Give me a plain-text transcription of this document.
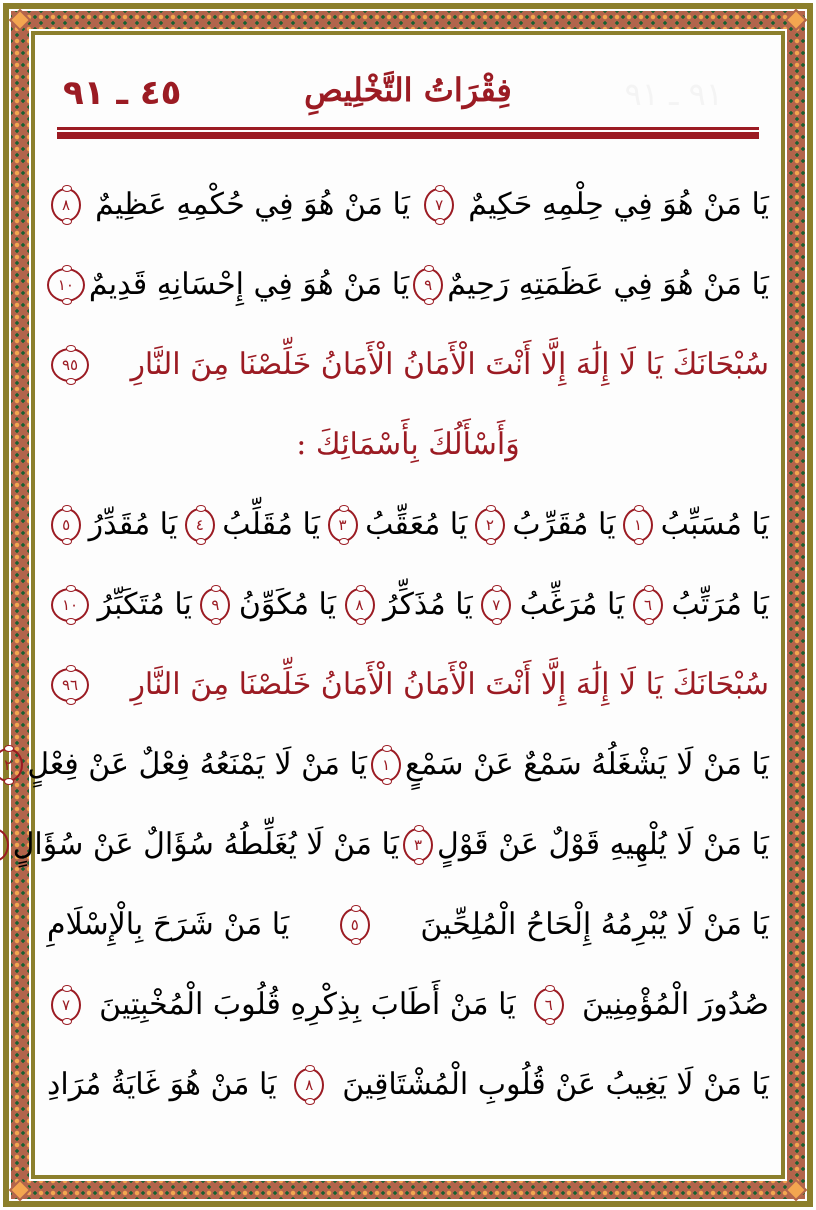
٤٥ ـ ٩١	٩١ ـ ٩١
فِقْرَاتُ التَّخْلِيصِ
يَا مَنْ هُوَ فِي حِلْمِهِ حَكِيمٌ
٧
يَا مَنْ هُوَ فِي حُكْمِهِ عَظِيمٌ
٨
يَا مَنْ هُوَ فِي عَظَمَتِهِ رَحِيمٌ
٩
يَا مَنْ هُوَ فِي إِحْسَانِهِ قَدِيمٌ
١٠
سُبْحَانَكَ يَا لَا إِلَٰهَ إِلَّا أَنْتَ الْأَمَانُ الْأَمَانُ خَلِّصْنَا مِنَ النَّارِ
٩٥
وَأَسْأَلُكَ بِأَسْمَائِكَ :
يَا مُسَبِّبُ
١
يَا مُقَرِّبُ
٢
يَا مُعَقِّبُ
٣
يَا مُقَلِّبُ
٤
يَا مُقَدِّرُ
٥
يَا مُرَتِّبُ
٦
يَا مُرَغِّبُ
٧
يَا مُذَكِّرُ
٨
يَا مُكَوِّنُ
٩
يَا مُتَكَبِّرُ
١٠
سُبْحَانَكَ يَا لَا إِلَٰهَ إِلَّا أَنْتَ الْأَمَانُ الْأَمَانُ خَلِّصْنَا مِنَ النَّارِ
٩٦
يَا مَنْ لَا يَشْغَلُهُ سَمْعٌ عَنْ سَمْعٍ
١
يَا مَنْ لَا يَمْنَعُهُ فِعْلٌ عَنْ فِعْلٍ
٢
يَا مَنْ لَا يُلْهِيهِ قَوْلٌ عَنْ قَوْلٍ
٣
يَا مَنْ لَا يُغَلِّطُهُ سُؤَالٌ عَنْ سُؤَالٍ
يَا مَنْ لَا يُبْرِمُهُ إِلْحَاحُ الْمُلِحِّينَ
٥
يَا مَنْ شَرَحَ بِالْإِسْلَامِ
صُدُورَ الْمُؤْمِنِينَ
٦
يَا مَنْ أَطَابَ بِذِكْرِهِ قُلُوبَ الْمُخْبِتِينَ
٧
يَا مَنْ لَا يَغِيبُ عَنْ قُلُوبِ الْمُشْتَاقِينَ
٨
يَا مَنْ هُوَ غَايَةُ مُرَادِ
